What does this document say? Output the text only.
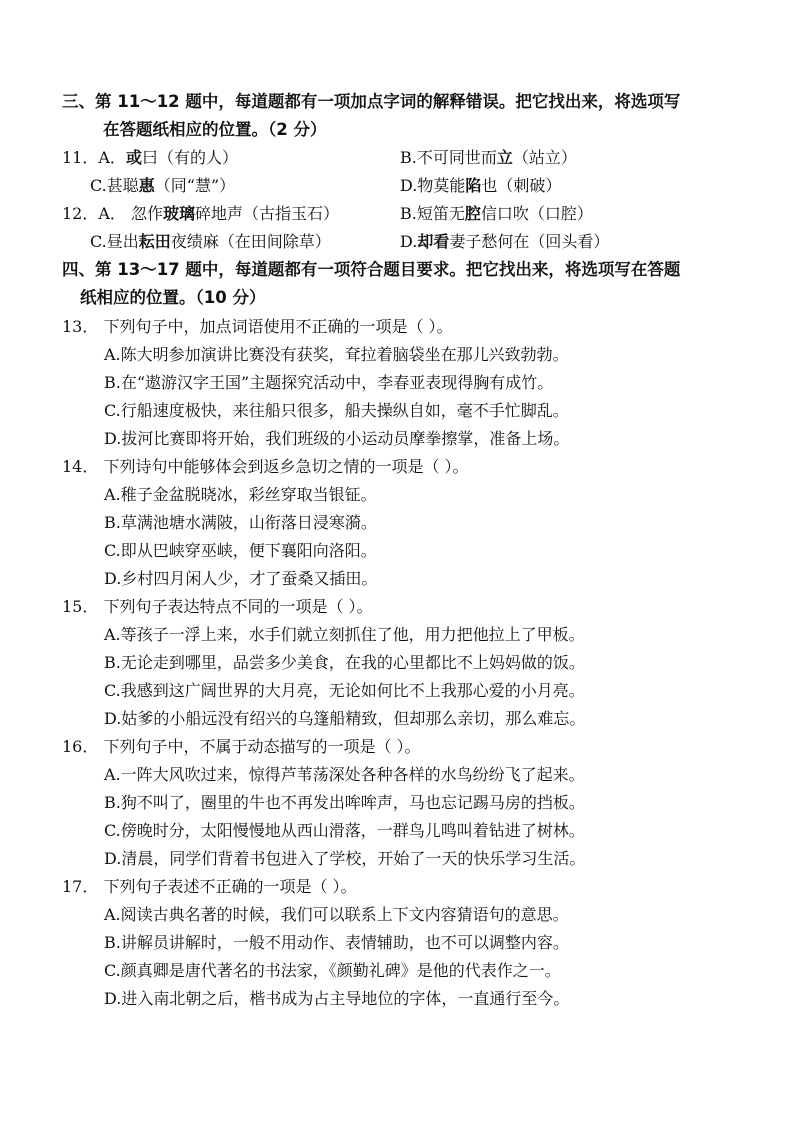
三、第 11～12 题中，每道题都有一项加点字词的解释错误。把它找出来，将选项写
在答题纸相应的位置。（2 分）
11．A．或曰（有的人）	B.不可同世而立（站立）
C.甚聪惠（同“慧”）	D.物莫能陷也（刺破）
12．A． 忽作玻璃碎地声（古指玉石）	B.短笛无腔信口吹（口腔）
C.昼出耘田夜绩麻（在田间除草）	D.却看妻子愁何在（回头看）
四、第 13～17 题中，每道题都有一项符合题目要求。把它找出来，将选项写在答题
纸相应的位置。（10 分）
13． 下列句子中，加点词语使用不正确的一项是（ ）。
A.陈大明参加演讲比赛没有获奖，耷拉着脑袋坐在那儿兴致勃勃。
B.在“遨游汉字王国”主题探究活动中，李春亚表现得胸有成竹。
C.行船速度极快，来往船只很多，船夫操纵自如，毫不手忙脚乱。
D.拔河比赛即将开始，我们班级的小运动员摩拳擦掌，准备上场。
14． 下列诗句中能够体会到返乡急切之情的一项是（ ）。
A.稚子金盆脱晓冰，彩丝穿取当银钲。
B.草满池塘水满陂，山衔落日浸寒漪。
C.即从巴峡穿巫峡，便下襄阳向洛阳。
D.乡村四月闲人少，才了蚕桑又插田。
15． 下列句子表达特点不同的一项是（ ）。
A.等孩子一浮上来，水手们就立刻抓住了他，用力把他拉上了甲板。
B.无论走到哪里，品尝多少美食，在我的心里都比不上妈妈做的饭。
C.我感到这广阔世界的大月亮，无论如何比不上我那心爱的小月亮。
D.姑爹的小船远没有绍兴的乌篷船精致，但却那么亲切，那么难忘。
16． 下列句子中，不属于动态描写的一项是（ ）。
A.一阵大风吹过来，惊得芦苇荡深处各种各样的水鸟纷纷飞了起来。
B.狗不叫了，圈里的牛也不再发出哞哞声，马也忘记踢马房的挡板。
C.傍晚时分，太阳慢慢地从西山滑落，一群鸟儿鸣叫着钻进了树林。
D.清晨，同学们背着书包进入了学校，开始了一天的快乐学习生活。
17． 下列句子表述不正确的一项是（ ）。
A.阅读古典名著的时候，我们可以联系上下文内容猜语句的意思。
B.讲解员讲解时，一般不用动作、表情辅助，也不可以调整内容。
C.颜真卿是唐代著名的书法家，《颜勤礼碑》是他的代表作之一。
D.进入南北朝之后，楷书成为占主导地位的字体，一直通行至今。
